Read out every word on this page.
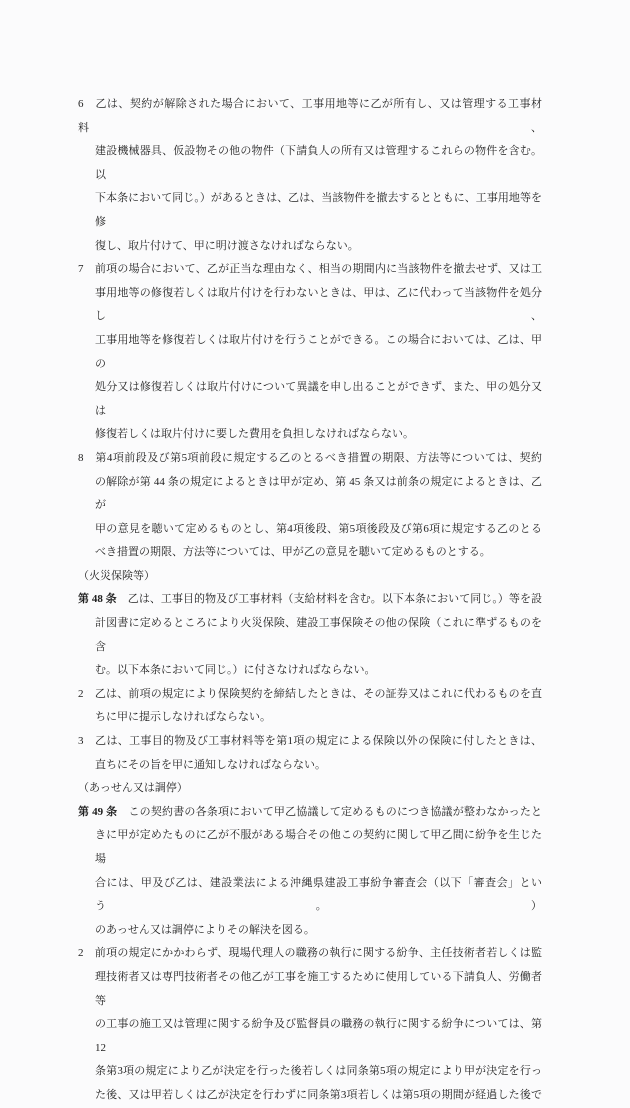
6　 乙は、契約が解除された場合において、工事用地等に乙が所有し、又は管理する工事材料、
建設機械器具、仮設物その他の物件（下請負人の所有又は管理するこれらの物件を含む。以
下本条において同じ。）があるときは、乙は、当該物件を撤去するとともに、工事用地等を修
復し、取片付けて、甲に明け渡さなければならない。
7　 前項の場合において、乙が正当な理由なく、相当の期間内に当該物件を撤去せず、又は工
事用地等の修復若しくは取片付けを行わないときは、甲は、乙に代わって当該物件を処分し、
工事用地等を修復若しくは取片付けを行うことができる。この場合においては、乙は、甲の
処分又は修復若しくは取片付けについて異議を申し出ることができず、また、甲の処分又は
修復若しくは取片付けに要した費用を負担しなければならない。
8　 第4項前段及び第5項前段に規定する乙のとるべき措置の期限、方法等については、契約
の解除が第 44 条の規定によるときは甲が定め、第 45 条又は前条の規定によるときは、乙が
甲の意見を聴いて定めるものとし、第4項後段、第5項後段及び第6項に規定する乙のとる
べき措置の期限、方法等については、甲が乙の意見を聴いて定めるものとする。
（火災保険等）
第 48 条　 乙は、工事目的物及び工事材料（支給材料を含む。以下本条において同じ。）等を設
計図書に定めるところにより火災保険、建設工事保険その他の保険（これに準ずるものを含
む。以下本条において同じ。）に付さなければならない。
2　 乙は、前項の規定により保険契約を締結したときは、その証券又はこれに代わるものを直
ちに甲に提示しなければならない。
3　 乙は、工事目的物及び工事材料等を第1項の規定による保険以外の保険に付したときは、
直ちにその旨を甲に通知しなければならない。
（あっせん又は調停）
第 49 条　 この契約書の各条項において甲乙協議して定めるものにつき協議が整わなかったと
きに甲が定めたものに乙が不服がある場合その他この契約に関して甲乙間に紛争を生じた場
合には、甲及び乙は、建設業法による沖縄県建設工事紛争審査会（以下「審査会」という。）
のあっせん又は調停によりその解決を図る。
2　 前項の規定にかかわらず、現場代理人の職務の執行に関する紛争、主任技術者若しくは監
理技術者又は専門技術者その他乙が工事を施工するために使用している下請負人、労働者等
の工事の施工又は管理に関する紛争及び監督員の職務の執行に関する紛争については、第 12
条第3項の規定により乙が決定を行った後若しくは同条第5項の規定により甲が決定を行っ
た後、又は甲若しくは乙が決定を行わずに同条第3項若しくは第5項の期間が経過した後で
